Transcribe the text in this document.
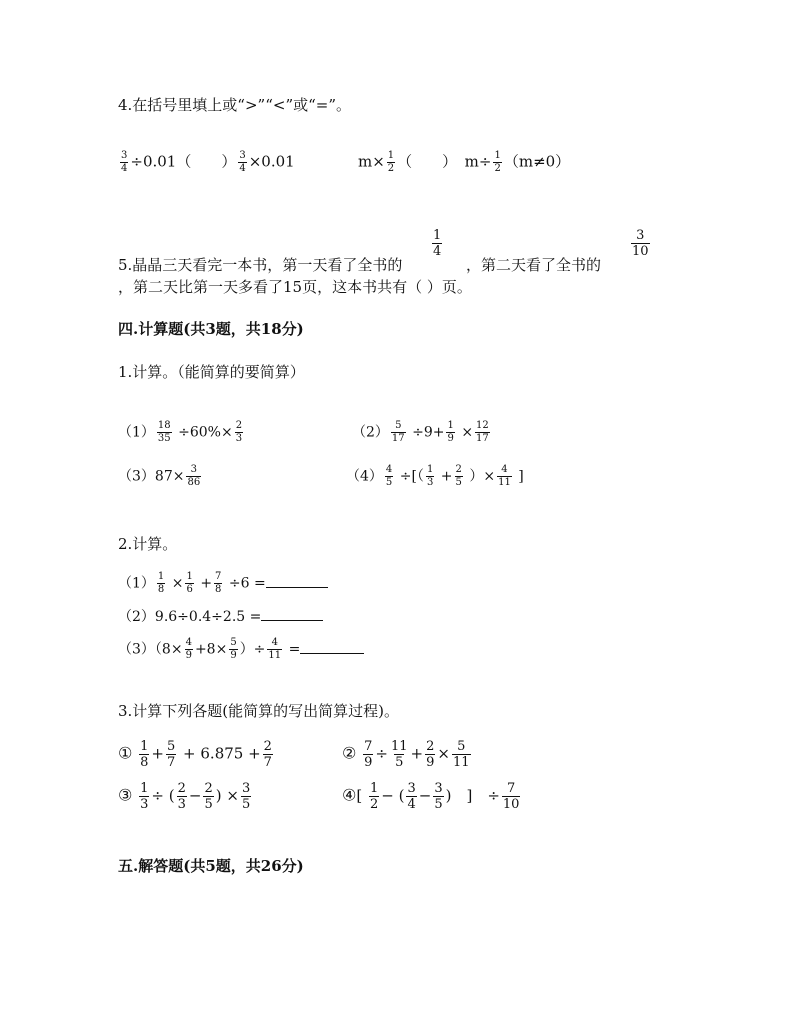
4.在括号里填上或“>”“<”或“=”。
$\frac{3}{4} \div 0.01$（　　） $\frac{3}{4} \times 0.01$	$m\times \frac{1}{2}$ （　　）　$m\div \frac{1}{2} (m\ne 0)$
5.晶晶三天看完一本书，第一天看了全书的
$\frac{1}{4}$
，第二天看了全书的
$\frac{3}{10}$
，第二天比第一天多看了15页，这本书共有（ ）页。
四.计算题(共3题，共18分)
1.计算。（能简算的要简算）
$(1) \frac{18}{35} \div 60\%\times \frac{2}{3}$	$(2) \frac{5}{17} \div 9+ \frac{1}{9} \times \frac{12}{17}$
$(3)87\times \frac{3}{86}$	$(4) \frac{4}{5}$ ÷[（ $\frac{1}{3} + \frac{2}{5}$ ）× $\frac{4}{11}$ ]
2.计算。
$(1) \frac{1}{8} \times \frac{1}{6} + \frac{7}{8} \div 6$ =
（2）9.6÷0.4÷2.5 =
$(3)(8\times \frac{4}{9} +8\times \frac{5}{9}$ ）÷ $\frac{4}{11}$ =
3.计算下列各题(能简算的写出简算过程)。
① $\frac{1}{8} + \frac{5}{7} + 6.875 + \frac{2}{7}$	② $\frac{7}{9} \div \frac{11}{5} + \frac{2}{9} \times \frac{5}{11}$
③ $\frac{1}{3}$ ÷ ( $\frac{2}{3} - \frac{2}{5}$ ) × $\frac{3}{5}$	④[ $\frac{1}{2}$ − ( $\frac{3}{4} - \frac{3}{5}$ )　]　÷ $\frac{7}{10}$
五.解答题(共5题，共26分)
